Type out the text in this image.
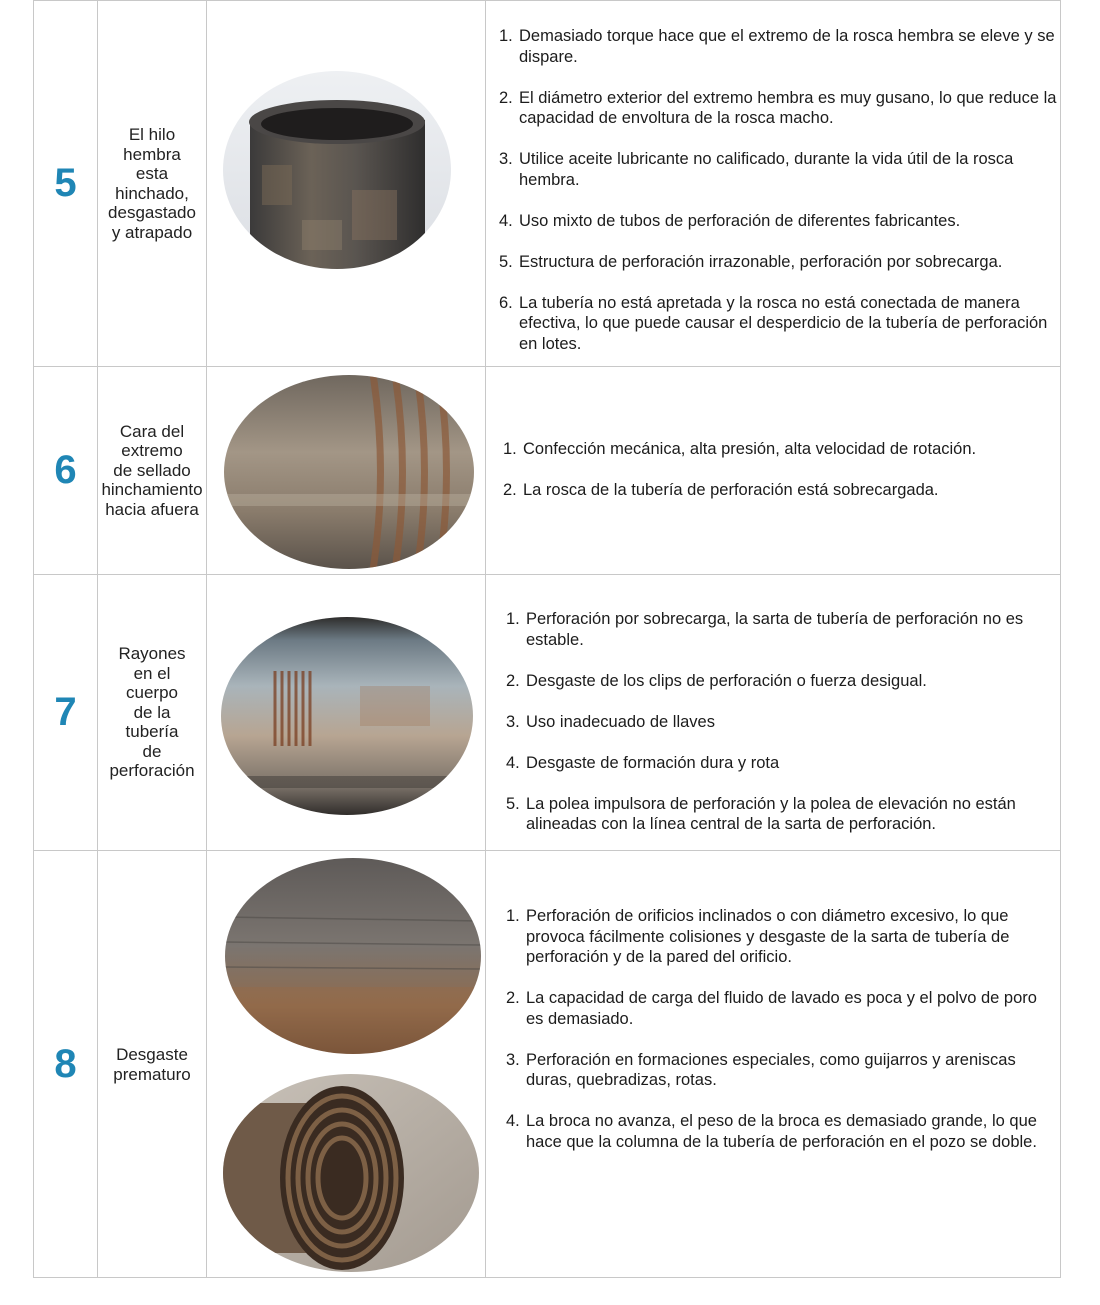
5
El hilo
hembra
esta
hinchado,
desgastado
y atrapado
1. Demasiado torque hace que el extremo de la rosca hembra se eleve y se dispare.
2. El diámetro exterior del extremo hembra es muy gusano, lo que reduce la capacidad de envoltura de la rosca macho.
3. Utilice aceite lubricante no calificado, durante la vida útil de la rosca hembra.
4. Uso mixto de tubos de perforación de diferentes fabricantes.
5. Estructura de perforación irrazonable, perforación por sobrecarga.
6. La tubería no está apretada y la rosca no está conectada de manera efectiva, lo que puede causar el desperdicio de la tubería de perforación en lotes.
6
Cara del
extremo
de sellado
hinchamiento
hacia afuera
1. Confección mecánica, alta presión, alta velocidad de rotación.
2. La rosca de la tubería de perforación está sobrecargada.
7
Rayones
en el
cuerpo
de la
tubería
de
perforación
1. Perforación por sobrecarga, la sarta de tubería de perforación no es estable.
2. Desgaste de los clips de perforación o fuerza desigual.
3. Uso inadecuado de llaves
4. Desgaste de formación dura y rota
5. La polea impulsora de perforación y la polea de elevación no están alineadas con la línea central de la sarta de perforación.
8 Desgaste
prematuro
1. Perforación de orificios inclinados o con diámetro excesivo, lo que provoca fácilmente colisiones y desgaste de la sarta de tubería de perforación y de la pared del orificio.
2. La capacidad de carga del fluido de lavado es poca y el polvo de poro es demasiado.
3. Perforación en formaciones especiales, como guijarros y areniscas duras, quebradizas, rotas.
4. La broca no avanza, el peso de la broca es demasiado grande, lo que hace que la columna de la tubería de perforación en el pozo se doble.
